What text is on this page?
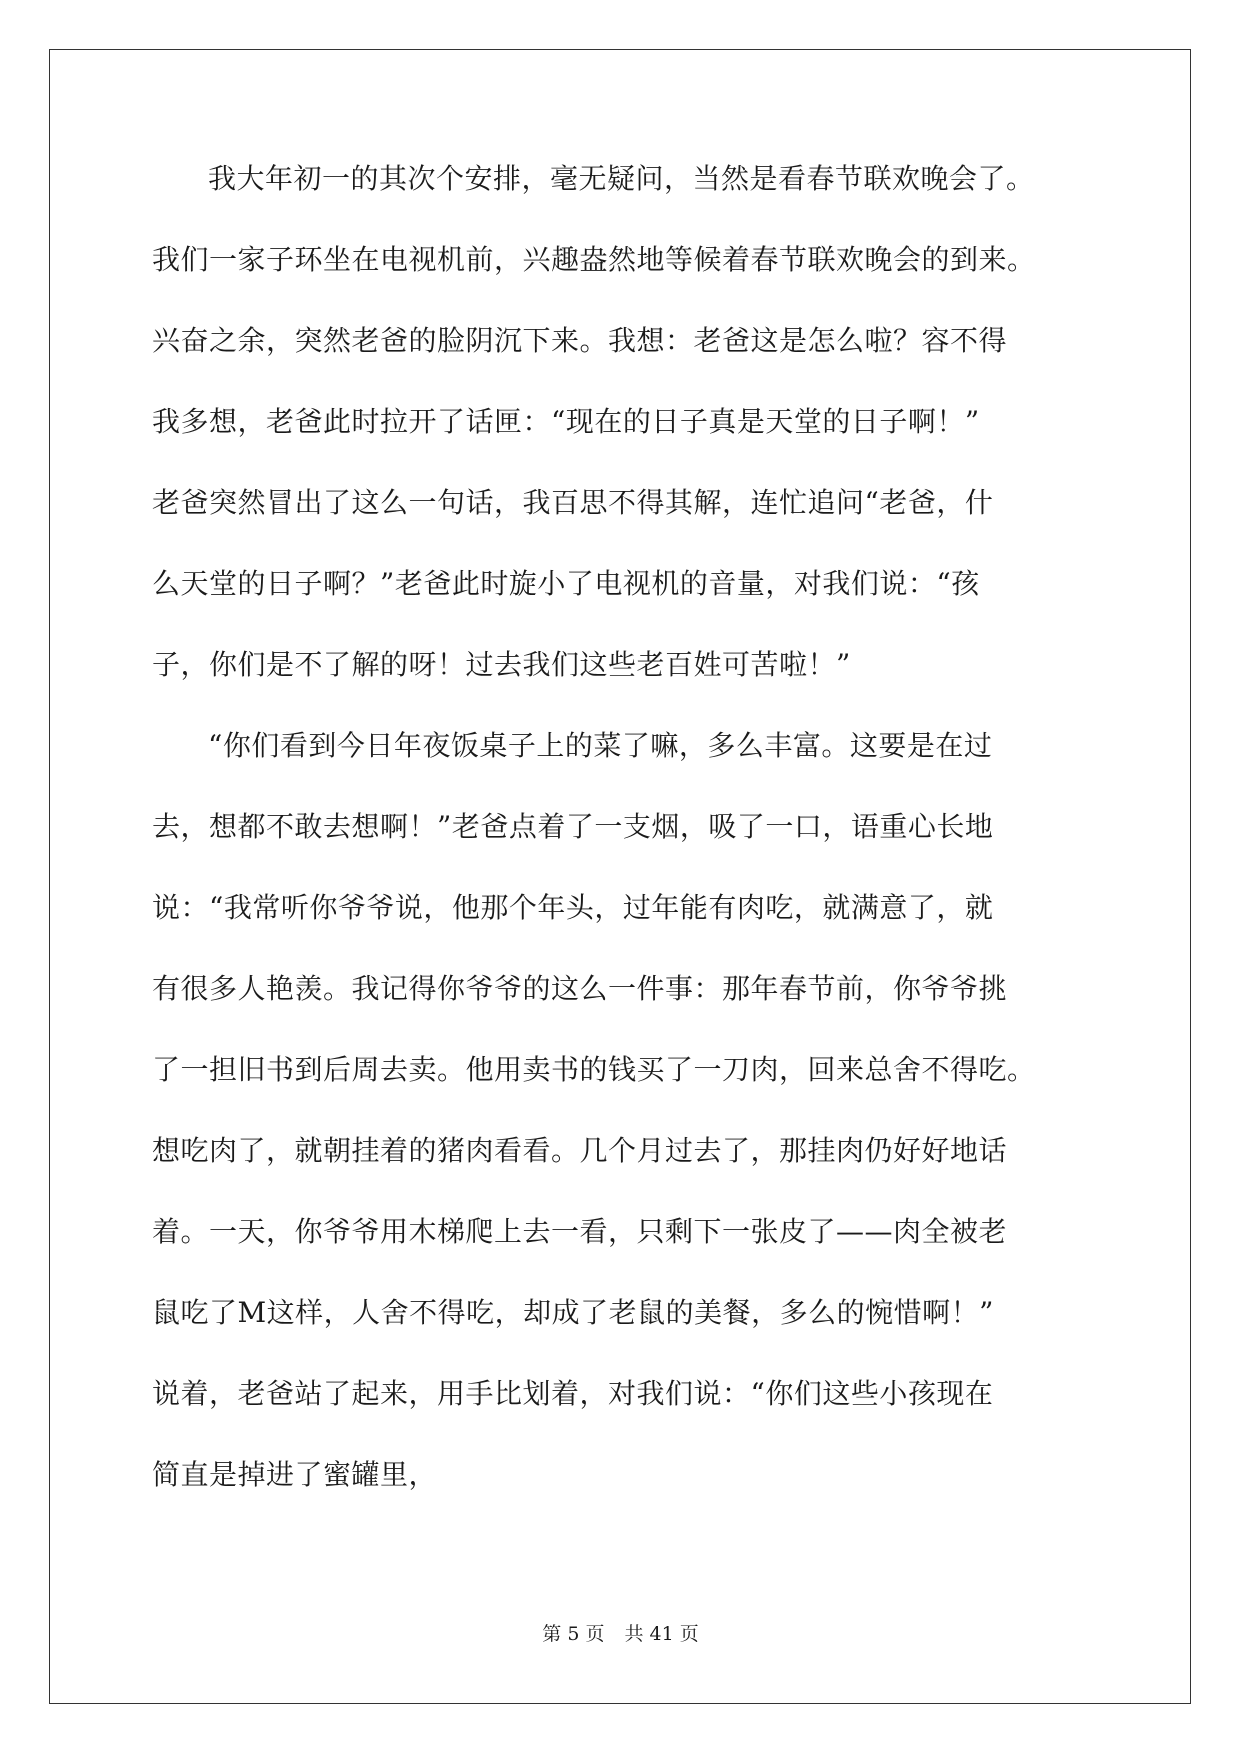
我大年初一的其次个安排，毫无疑问，当然是看春节联欢晚会了。
我们一家子环坐在电视机前，兴趣盎然地等候着春节联欢晚会的到来。
兴奋之余，突然老爸的脸阴沉下来。我想：老爸这是怎么啦？容不得
我多想，老爸此时拉开了话匣：“现在的日子真是天堂的日子啊！”
老爸突然冒出了这么一句话，我百思不得其解，连忙追问“老爸，什
么天堂的日子啊？”老爸此时旋小了电视机的音量，对我们说：“孩
子，你们是不了解的呀！过去我们这些老百姓可苦啦！”
“你们看到今日年夜饭桌子上的菜了嘛，多么丰富。这要是在过
去，想都不敢去想啊！”老爸点着了一支烟，吸了一口，语重心长地
说：“我常听你爷爷说，他那个年头，过年能有肉吃，就满意了，就
有很多人艳羡。我记得你爷爷的这么一件事：那年春节前，你爷爷挑
了一担旧书到后周去卖。他用卖书的钱买了一刀肉，回来总舍不得吃。
想吃肉了，就朝挂着的猪肉看看。几个月过去了，那挂肉仍好好地话
着。一天，你爷爷用木梯爬上去一看，只剩下一张皮了——肉全被老
鼠吃了M这样，人舍不得吃，却成了老鼠的美餐，多么的惋惜啊！”
说着，老爸站了起来，用手比划着，对我们说：“你们这些小孩现在
简直是掉进了蜜罐里，
第 5 页 共 41 页
